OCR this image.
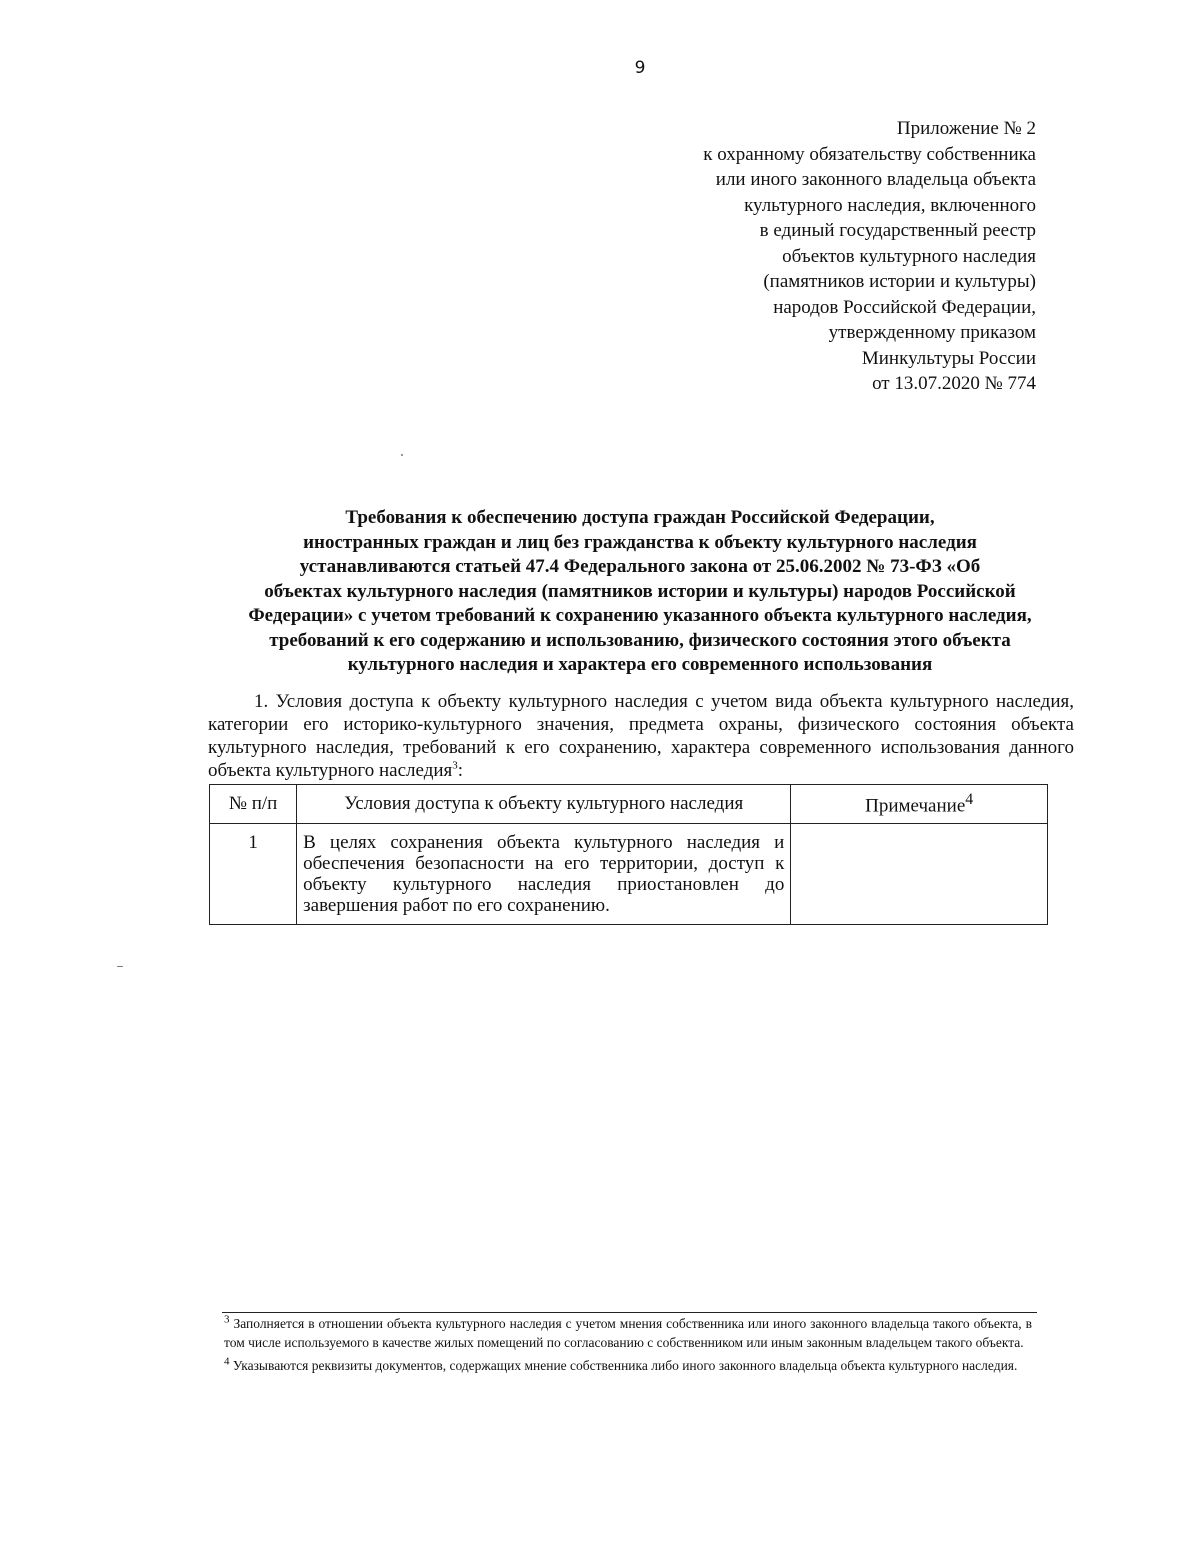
9
Приложение № 2
к охранному обязательству собственника
или иного законного владельца объекта
культурного наследия, включенного
в единый государственный реестр
объектов культурного наследия
(памятников истории и культуры)
народов Российской Федерации,
утвержденному приказом
Минкультуры России
от 13.07.2020 № 774
Требования к обеспечению доступа граждан Российской Федерации,
иностранных граждан и лиц без гражданства к объекту культурного наследия
устанавливаются статьей 47.4 Федерального закона от 25.06.2002 № 73-ФЗ «Об
объектах культурного наследия (памятников истории и культуры) народов Российской
Федерации» с учетом требований к сохранению указанного объекта культурного наследия,
требований к его содержанию и использованию, физического состояния этого объекта
культурного наследия и характера его современного использования
1. Условия доступа к объекту культурного наследия с учетом вида объекта культурного наследия, категории его историко-культурного значения, предмета охраны, физического состояния объекта культурного наследия, требований к его сохранению, характера современного использования данного объекта культурного наследия$^3$:
№ п/п	Условия доступа к объекту культурного наследия	Примечание$^4$
1	В целях сохранения объекта культурного наследия и обеспечения безопасности на его территории, доступ к объекту культурного наследия приостановлен до завершения работ по его сохранению.	

$^3$ Заполняется в отношении объекта культурного наследия с учетом мнения собственника или иного законного владельца такого объекта, в том числе используемого в качестве жилых помещений по согласованию с собственником или иным законным владельцем такого объекта.

$^4$ Указываются реквизиты документов, содержащих мнение собственника либо иного законного владельца объекта культурного наследия.
